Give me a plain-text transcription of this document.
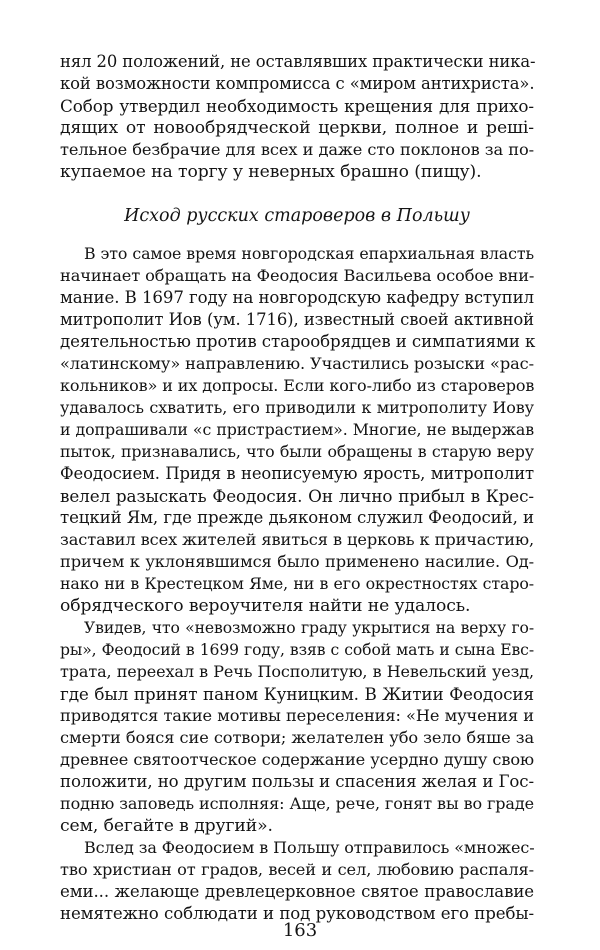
нял 20 положений, не оставлявших практически ника-
кой возможности компромисса с «миром антихриста».
Собор утвердил необходимость крещения для прихо-
дящих от новообрядческой церкви, полное и решi-
тельное безбрачие для всех и даже сто поклонов за по-
купаемое на торгу у неверных брашно (пищу).
Исход русских староверов в Польшу
В это самое время новгородская епархиальная власть
начинает обращать на Феодосия Васильева особое вни-
мание. В 1697 году на новгородскую кафедру вступил
митрополит Иов (ум. 1716), известный своей активной
деятельностью против старообрядцев и симпатиями к
«латинскому» направлению. Участились розыски «рас-
кольников» и их допросы. Если кого-либо из староверов
удавалось схватить, его приводили к митрополиту Иову
и допрашивали «с пристрастием». Многие, не выдержав
пыток, признавались, что были обращены в старую веру
Феодосием. Придя в неописуемую ярость, митрополит
велел разыскать Феодосия. Он лично прибыл в Крес-
тецкий Ям, где прежде дьяконом служил Феодосий, и
заставил всех жителей явиться в церковь к причастию,
причем к уклонявшимся было применено насилие. Од-
нако ни в Крестецком Яме, ни в его окрестностях старо-
обрядческого вероучителя найти не удалось.
Увидев, что «невозможно граду укрытися на верху го-
ры», Феодосий в 1699 году, взяв с собой мать и сына Евс-
трата, переехал в Речь Посполитую, в Невельский уезд,
где был принят паном Куницким. В Житии Феодосия
приводятся такие мотивы переселения: «Не мучения и
смерти бояся сие сотвори; желателен убо зело бяше за
древнее святоотческое содержание усердно душу свою
положити, но другим пользы и спасения желая и Гос-
подню заповедь исполняя: Аще, рече, гонят вы во граде
сем, бегайте в другий».
Вслед за Феодосием в Польшу отправилось «множес-
тво христиан от градов, весей и сел, любовию распаля-
еми... желающе древлецерковное святое православие
немятежно соблюдати и под руководством его пребы-
163
